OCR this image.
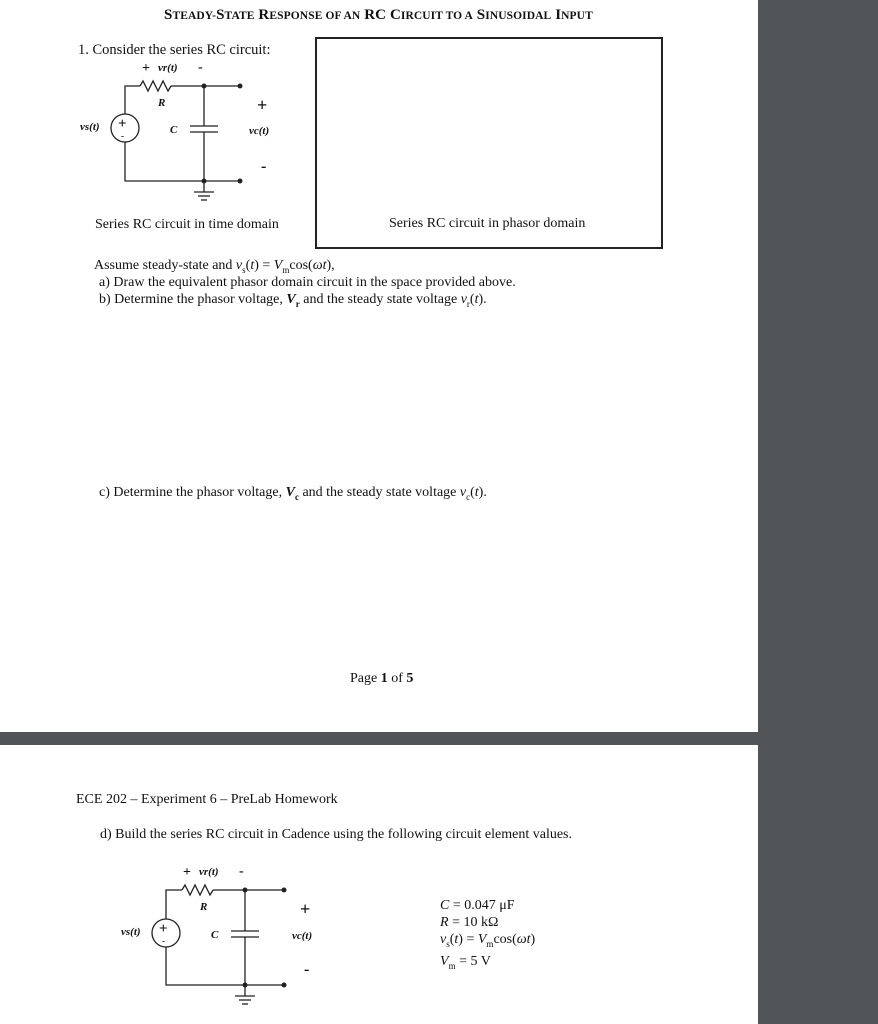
STEADY-STATE RESPONSE OF AN RC CIRCUIT TO A SINUSOIDAL INPUT
1. Consider the series RC circuit:
+ vr(t) -
R	+
vs(t) +
-	C	vc(t)
-
Series RC circuit in time domain	Series RC circuit in phasor domain
Assume steady-state and $v_s(t) = V_m\cos(\omega t)$,
a) Draw the equivalent phasor domain circuit in the space provided above.
b) Determine the phasor voltage, $V_r$ and the steady state voltage $v_r(t)$.
c) Determine the phasor voltage, $V_c$ and the steady state voltage $v_c(t)$.
Page 1 of 5
ECE 202 – Experiment 6 – PreLab Homework
d) Build the series RC circuit in Cadence using the following circuit element values.
+ vr(t) -
R	+
vs(t) +
-	C	vc(t)
-
C = 0.047 μF
R = 10 kΩ
$v_s(t) = V_m\cos(\omega t)$
$V_m = 5$ V
